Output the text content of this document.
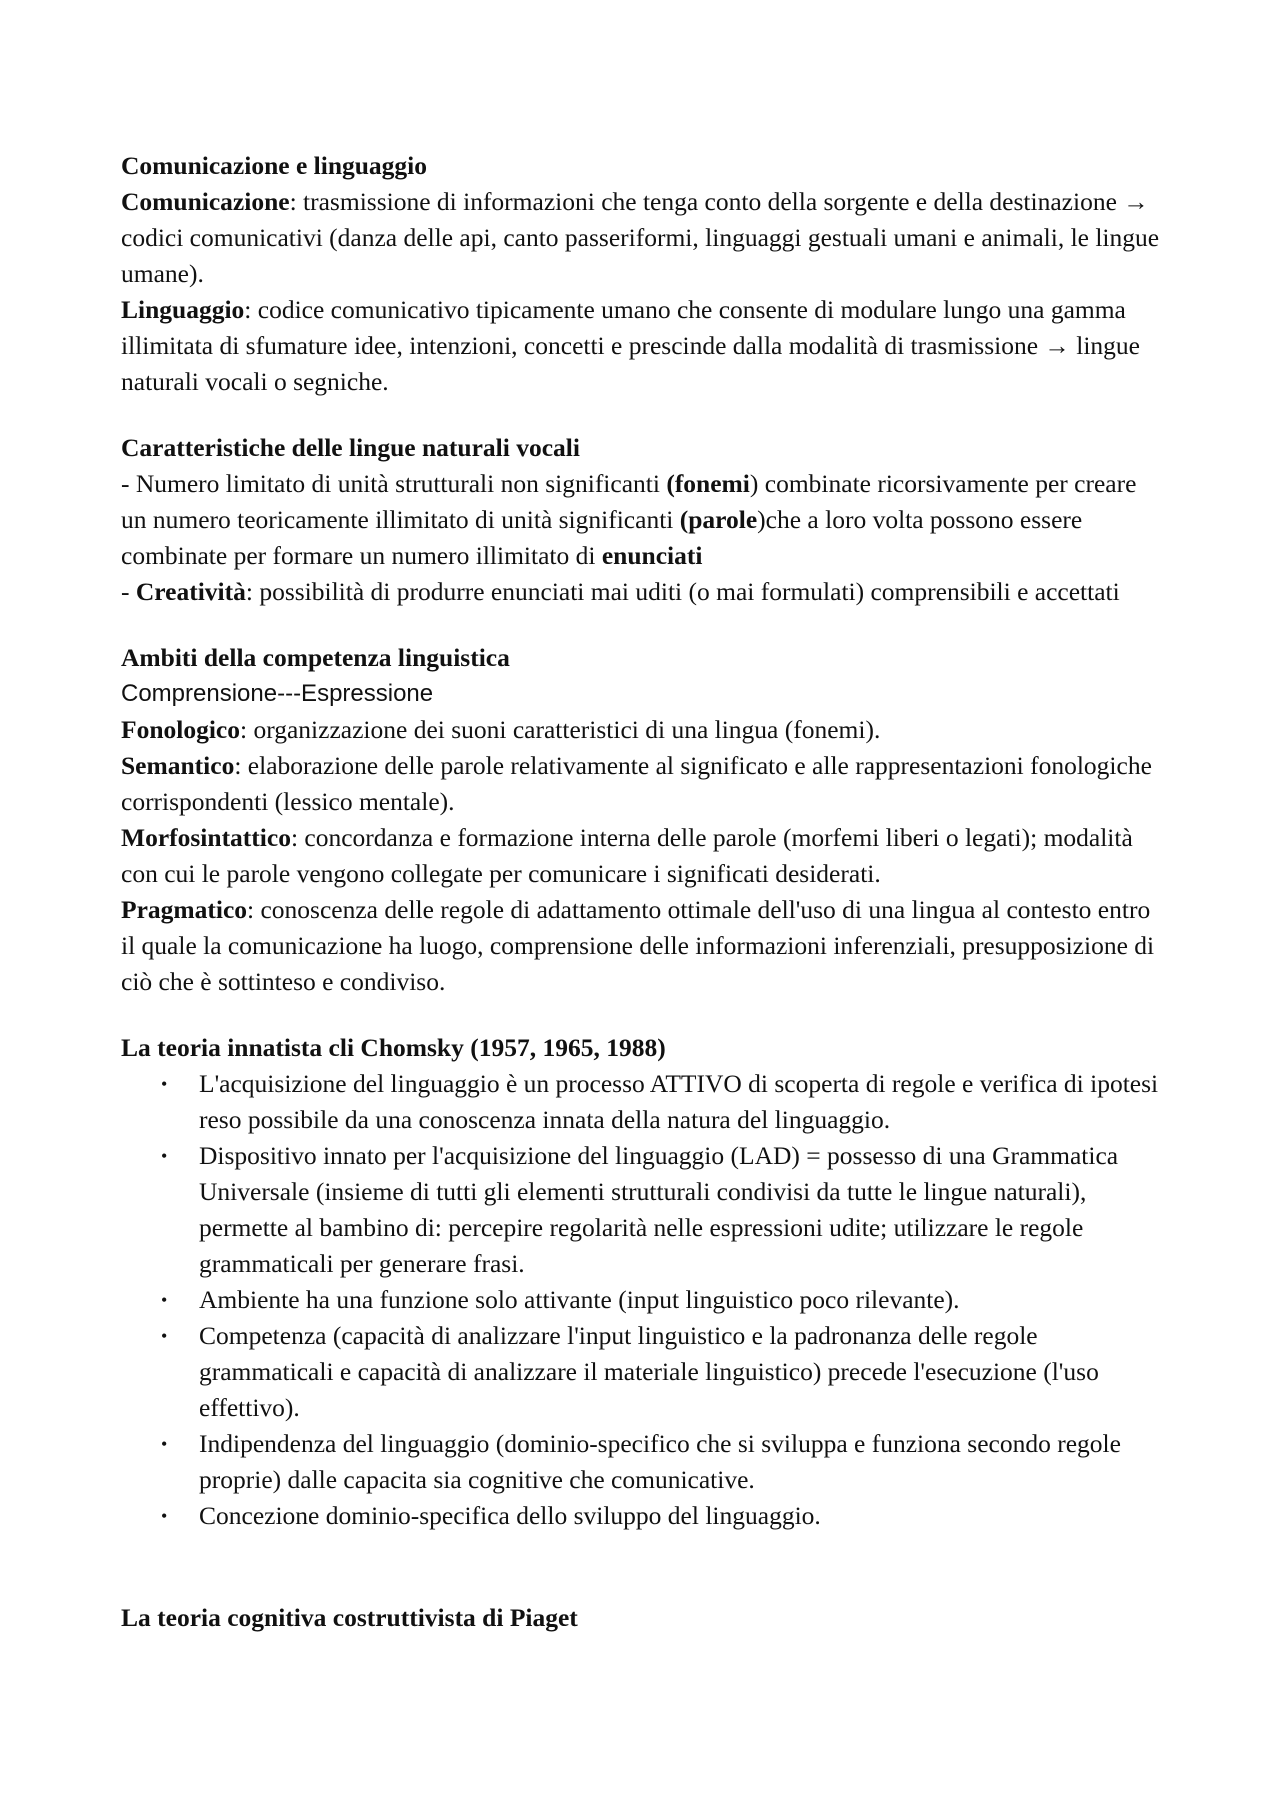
Comunicazione e linguaggio

Comunicazione: trasmissione di informazioni che tenga conto della sorgente e della destinazione → codici comunicativi (danza delle api, canto passeriformi, linguaggi gestuali umani e animali, le lingue umane).

Linguaggio: codice comunicativo tipicamente umano che consente di modulare lungo una gamma illimitata di sfumature idee, intenzioni, concetti e prescinde dalla modalità di trasmissione → lingue naturali vocali o segniche.

Caratteristiche delle lingue naturali vocali

- Numero limitato di unità strutturali non significanti (fonemi) combinate ricorsivamente per creare un numero teoricamente illimitato di unità significanti (parole)che a loro volta possono essere combinate per formare un numero illimitato di enunciati

- Creatività: possibilità di produrre enunciati mai uditi (o mai formulati) comprensibili e accettati

Ambiti della competenza linguistica

Comprensione---Espressione

Fonologico: organizzazione dei suoni caratteristici di una lingua (fonemi).

Semantico: elaborazione delle parole relativamente al significato e alle rappresentazioni fonologiche corrispondenti (lessico mentale).

Morfosintattico: concordanza e formazione interna delle parole (morfemi liberi o legati); modalità con cui le parole vengono collegate per comunicare i significati desiderati.

Pragmatico: conoscenza delle regole di adattamento ottimale dell'uso di una lingua al contesto entro il quale la comunicazione ha luogo, comprensione delle informazioni inferenziali, presupposizione di ciò che è sottinteso e condiviso.

La teoria innatista cli Chomsky (1957, 1965, 1988)

• L'acquisizione del linguaggio è un processo ATTIVO di scoperta di regole e verifica di ipotesi reso possibile da una conoscenza innata della natura del linguaggio.
• Dispositivo innato per l'acquisizione del linguaggio (LAD) = possesso di una Grammatica Universale (insieme di tutti gli elementi strutturali condivisi da tutte le lingue naturali), permette al bambino di: percepire regolarità nelle espressioni udite; utilizzare le regole grammaticali per generare frasi.
• Ambiente ha una funzione solo attivante (input linguistico poco rilevante).
• Competenza (capacità di analizzare l'input linguistico e la padronanza delle regole grammaticali e capacità di analizzare il materiale linguistico) precede l'esecuzione (l'uso effettivo).
• Indipendenza del linguaggio (dominio-specifico che si sviluppa e funziona secondo regole proprie) dalle capacita sia cognitive che comunicative.
• Concezione dominio-specifica dello sviluppo del linguaggio.

La teoria cognitiva costruttivista di Piaget
